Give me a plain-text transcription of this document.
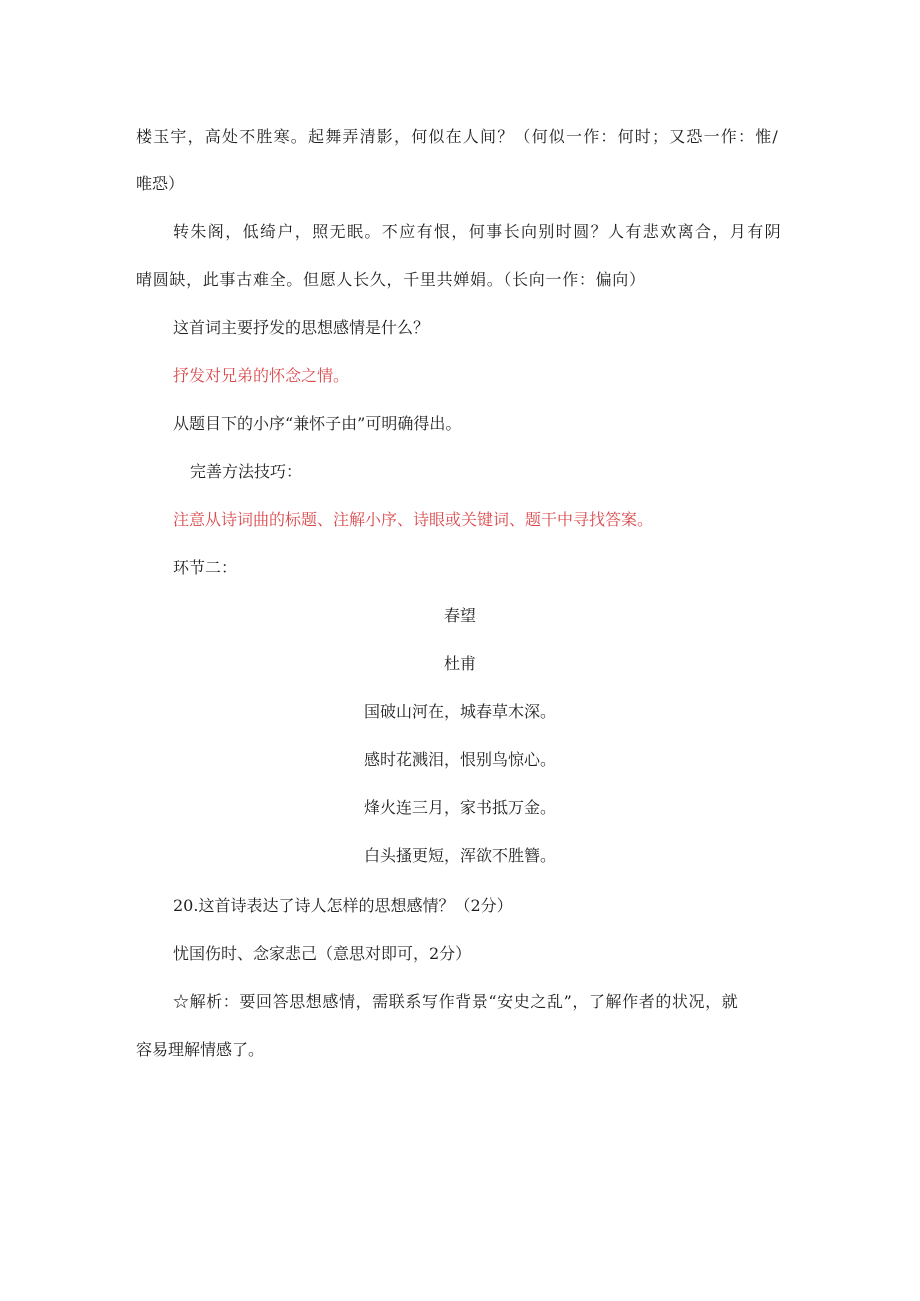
楼玉宇，高处不胜寒。起舞弄清影，何似在人间？（何似一作：何时；又恐一作：惟/

唯恐）

转朱阁，低绮户，照无眠。不应有恨，何事长向别时圆？人有悲欢离合，月有阴

晴圆缺，此事古难全。但愿人长久，千里共婵娟。（长向一作：偏向）

这首词主要抒发的思想感情是什么？

抒发对兄弟的怀念之情。

从题目下的小序“兼怀子由”可明确得出。

完善方法技巧：

注意从诗词曲的标题、注解小序、诗眼或关键词、题干中寻找答案。

环节二：

春望

杜甫

国破山河在，城春草木深。

感时花溅泪，恨别鸟惊心。

烽火连三月，家书抵万金。

白头搔更短，浑欲不胜簪。

20.这首诗表达了诗人怎样的思想感情？（2分）

忧国伤时、念家悲己（意思对即可，2分）

☆解析：要回答思想感情，需联系写作背景“安史之乱”，了解作者的状况，就

容易理解情感了。
